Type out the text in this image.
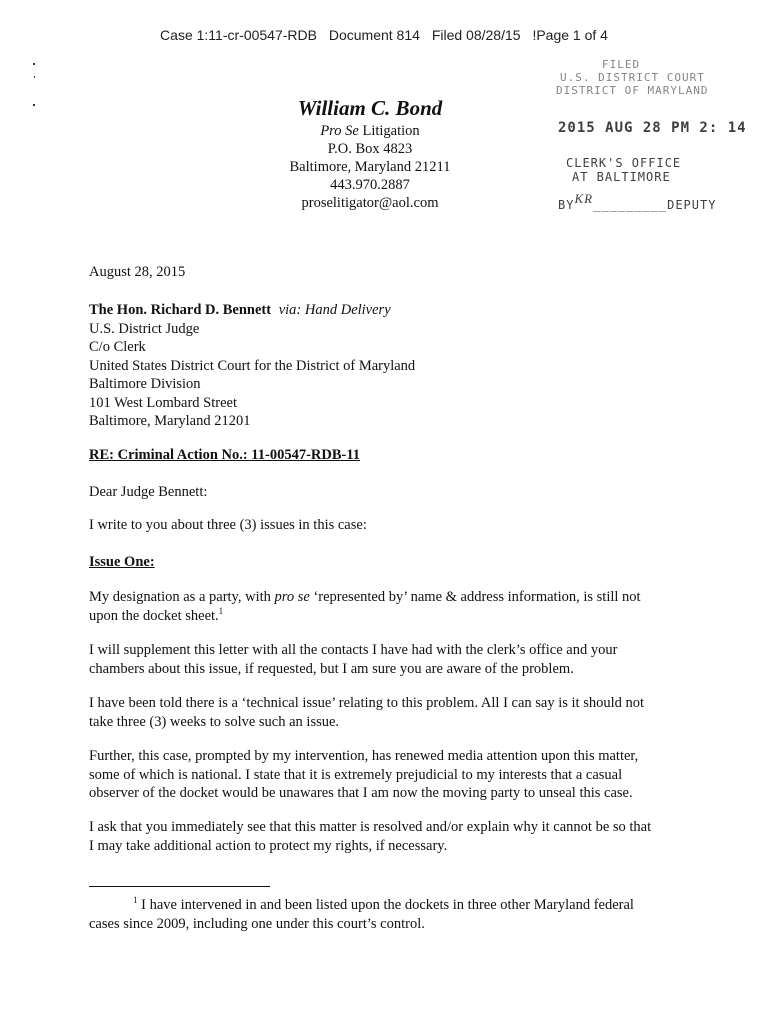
Case 1:11-cr-00547-RDB Document 814 Filed 08/28/15 !Page 1 of 4
William C. Bond
Pro Se Litigation
P.O. Box 4823
Baltimore, Maryland 21211
443.970.2887
proselitigator@aol.com
FILED
U.S. DISTRICT COURT
DISTRICT OF MARYLAND
2015 AUG 28 PM 2: 14
CLERK'S OFFICE
AT BALTIMORE
BYKR_________DEPUTY

August 28, 2015

The Hon. Richard D. Bennett via: Hand Delivery
U.S. District Judge
C/o Clerk
United States District Court for the District of Maryland
Baltimore Division
101 West Lombard Street
Baltimore, Maryland 21201

RE: Criminal Action No.: 11-00547-RDB-11

Dear Judge Bennett:

I write to you about three (3) issues in this case:

Issue One:

My designation as a party, with pro se ‘represented by’ name & address information, is still not
upon the docket sheet.$^1$
I will supplement this letter with all the contacts I have had with the clerk’s office and your
chambers about this issue, if requested, but I am sure you are aware of the problem.
I have been told there is a ‘technical issue’ relating to this problem. All I can say is it should not
take three (3) weeks to solve such an issue.
Further, this case, prompted by my intervention, has renewed media attention upon this matter,
some of which is national. I state that it is extremely prejudicial to my interests that a casual
observer of the docket would be unawares that I am now the moving party to unseal this case.
I ask that you immediately see that this matter is resolved and/or explain why it cannot be so that
I may take additional action to protect my rights, if necessary.
$^1$ I have intervened in and been listed upon the dockets in three other Maryland federal
cases since 2009, including one under this court’s control.
